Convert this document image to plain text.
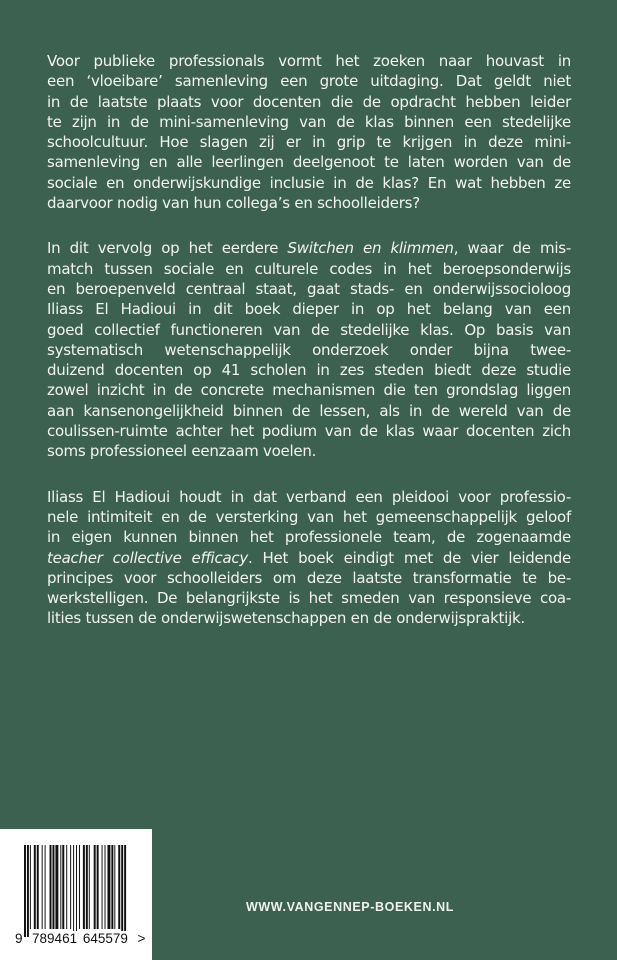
Voor publieke professionals vormt het zoeken naar houvast in
een ‘vloeibare’ samenleving een grote uitdaging. Dat geldt niet
in de laatste plaats voor docenten die de opdracht hebben leider
te zijn in de mini-samenleving van de klas binnen een stedelijke
schoolcultuur. Hoe slagen zij er in grip te krijgen in deze mini-
samenleving en alle leerlingen deelgenoot te laten worden van de
sociale en onderwijskundige inclusie in de klas? En wat hebben ze
daarvoor nodig van hun collega’s en schoolleiders?
In dit vervolg op het eerdere Switchen en klimmen, waar de mis-
match tussen sociale en culturele codes in het beroepsonderwijs
en beroepenveld centraal staat, gaat stads- en onderwijssocioloog
Iliass El Hadioui in dit boek dieper in op het belang van een
goed collectief functioneren van de stedelijke klas. Op basis van
systematisch wetenschappelijk onderzoek onder bijna twee-
duizend docenten op 41 scholen in zes steden biedt deze studie
zowel inzicht in de concrete mechanismen die ten grondslag liggen
aan kansenongelijkheid binnen de lessen, als in de wereld van de
coulissen-ruimte achter het podium van de klas waar docenten zich
soms professioneel eenzaam voelen.
Iliass El Hadioui houdt in dat verband een pleidooi voor professio-
nele intimiteit en de versterking van het gemeenschappelijk geloof
in eigen kunnen binnen het professionele team, de zogenaamde
teacher collective efficacy. Het boek eindigt met de vier leidende
principes voor schoolleiders om deze laatste transformatie te be-
werkstelligen. De belangrijkste is het smeden van responsieve coa-
lities tussen de onderwijswetenschappen en de onderwijspraktijk.
9 789461 645579 >
WWW.VANGENNEP-BOEKEN.NL
